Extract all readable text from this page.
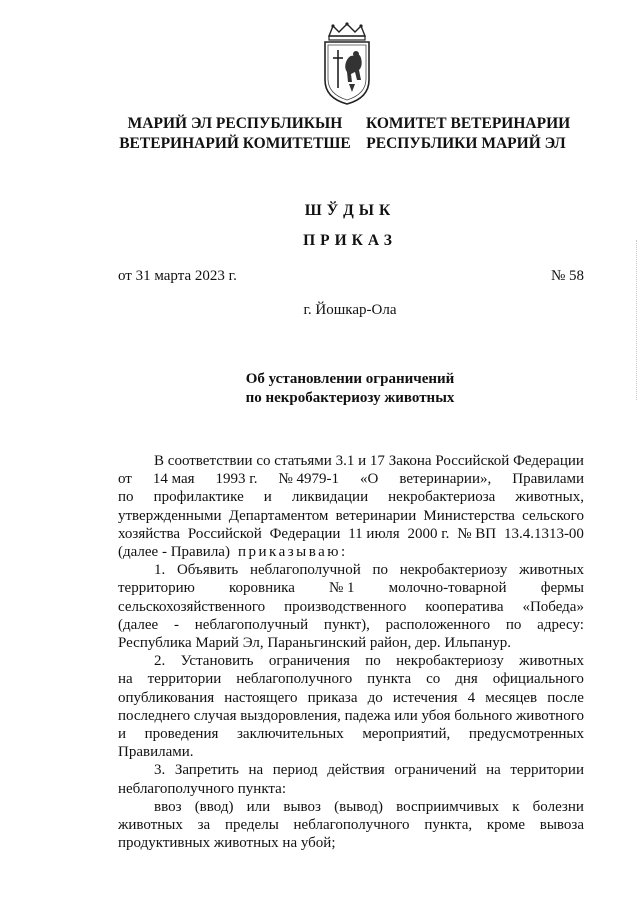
МАРИЙ ЭЛ РЕСПУБЛИКЫН
ВЕТЕРИНАРИЙ КОМИТЕТШЕ
КОМИТЕТ ВЕТЕРИНАРИИ
РЕСПУБЛИКИ МАРИЙ ЭЛ
ШЎДЫК
ПРИКАЗ
от 31 марта 2023 г.	№ 58
г. Йошкар-Ола
Об установлении ограничений
по некробактериозу животных
В соответствии со статьями 3.1 и 17 Закона Российской Федерации
от 14 мая 1993 г. № 4979-1 «О ветеринарии», Правилами
по профилактике и ликвидации некробактериоза животных,
утвержденными Департаментом ветеринарии Министерства сельского
хозяйства Российской Федерации 11 июля 2000 г. № ВП 13.4.1313-00
(далее - Правила) приказываю:
1. Объявить неблагополучной по некробактериозу животных
территорию коровника № 1 молочно-товарной фермы
сельскохозяйственного производственного кооператива «Победа»
(далее - неблагополучный пункт), расположенного по адресу:
Республика Марий Эл, Параньгинский район, дер. Ильпанур.
2. Установить ограничения по некробактериозу животных
на территории неблагополучного пункта со дня официального
опубликования настоящего приказа до истечения 4 месяцев после
последнего случая выздоровления, падежа или убоя больного животного
и проведения заключительных мероприятий, предусмотренных
Правилами.
3. Запретить на период действия ограничений на территории
неблагополучного пункта:
ввоз (ввод) или вывоз (вывод) восприимчивых к болезни
животных за пределы неблагополучного пункта, кроме вывоза
продуктивных животных на убой;
